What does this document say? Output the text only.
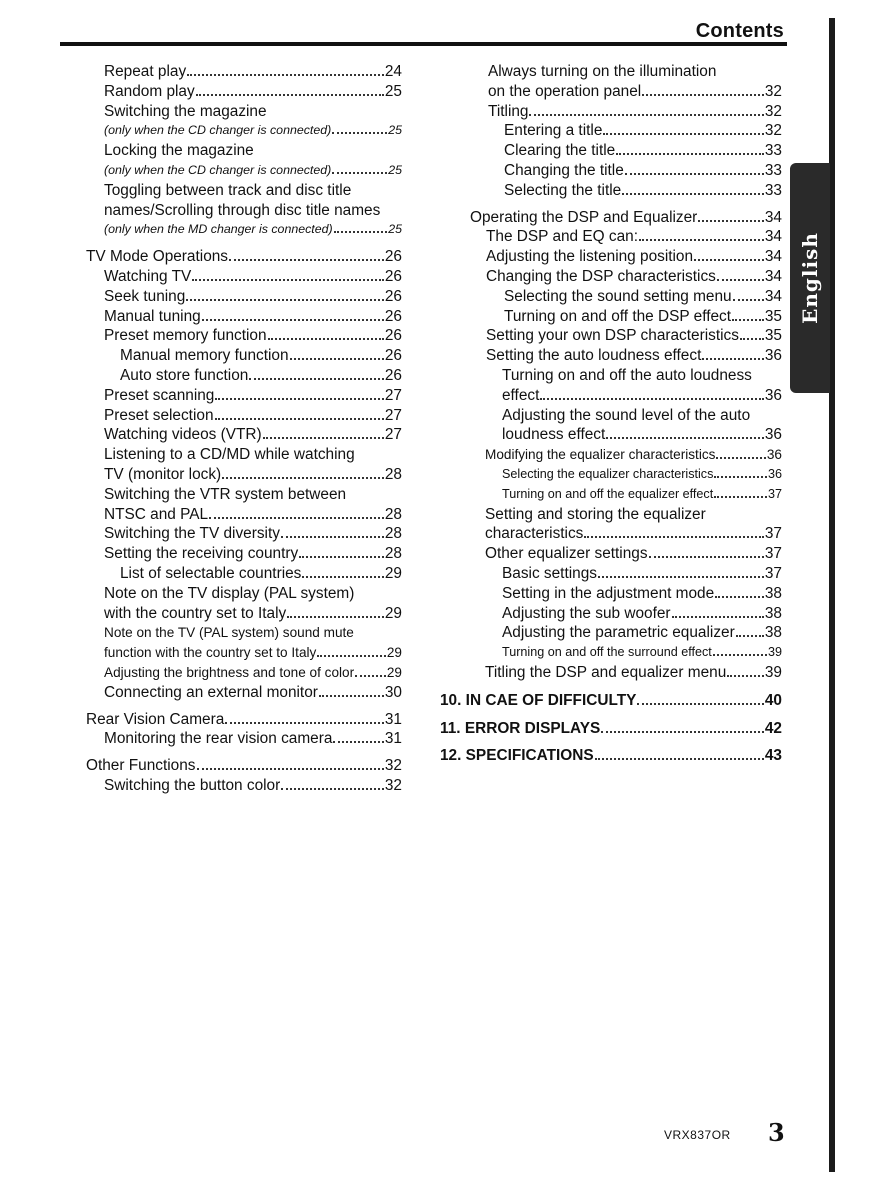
Contents
English
Repeat play	24
Random play	25
Switching the magazine
(only when the CD changer is connected)	25
Locking the magazine
(only when the CD changer is connected)	25
Toggling between track and disc title
names/Scrolling through disc title names
(only when the MD changer is connected)	25
TV Mode Operations	26
Watching TV	26
Seek tuning	26
Manual tuning	26
Preset memory function	26
Manual memory function	26
Auto store function	26
Preset scanning	27
Preset selection	27
Watching videos (VTR)	27
Listening to a CD/MD while watching
TV (monitor lock)	28
Switching the VTR system between
NTSC and PAL	28
Switching the TV diversity	28
Setting the receiving country	28
List of selectable countries	29
Note on the TV display (PAL system)
with the country set to Italy	29
Note on the TV (PAL system) sound mute
function with the country set to Italy	29
Adjusting the brightness and tone of color 29
Connecting an external monitor	30
Rear Vision Camera	31
Monitoring the rear vision camera	31
Other Functions	32
Switching the button color	32
Always turning on the illumination
on the operation panel	32
Titling	32
Entering a title	32
Clearing the title	33
Changing the title	33
Selecting the title	33
Operating the DSP and Equalizer	34
The DSP and EQ can:	34
Adjusting the listening position	34
Changing the DSP characteristics	34
Selecting the sound setting menu 34
Turning on and off the DSP effect 35
Setting your own DSP characteristics 35
Setting the auto loudness effect	36
Turning on and off the auto loudness
effect	36
Adjusting the sound level of the auto
loudness effect	36
Modifying the equalizer characteristics	36
Selecting the equalizer characteristics	36
Turning on and off the equalizer effect	37
Setting and storing the equalizer
characteristics	37
Other equalizer settings	37
Basic settings	37
Setting in the adjustment mode	38
Adjusting the sub woofer	38
Adjusting the parametric equalizer 38
Turning on and off the surround effect	39
Titling the DSP and equalizer menu	39
10. IN CAE OF DIFFICULTY	40
11. ERROR DISPLAYS	42
12. SPECIFICATIONS	43
VRX837OR 3
